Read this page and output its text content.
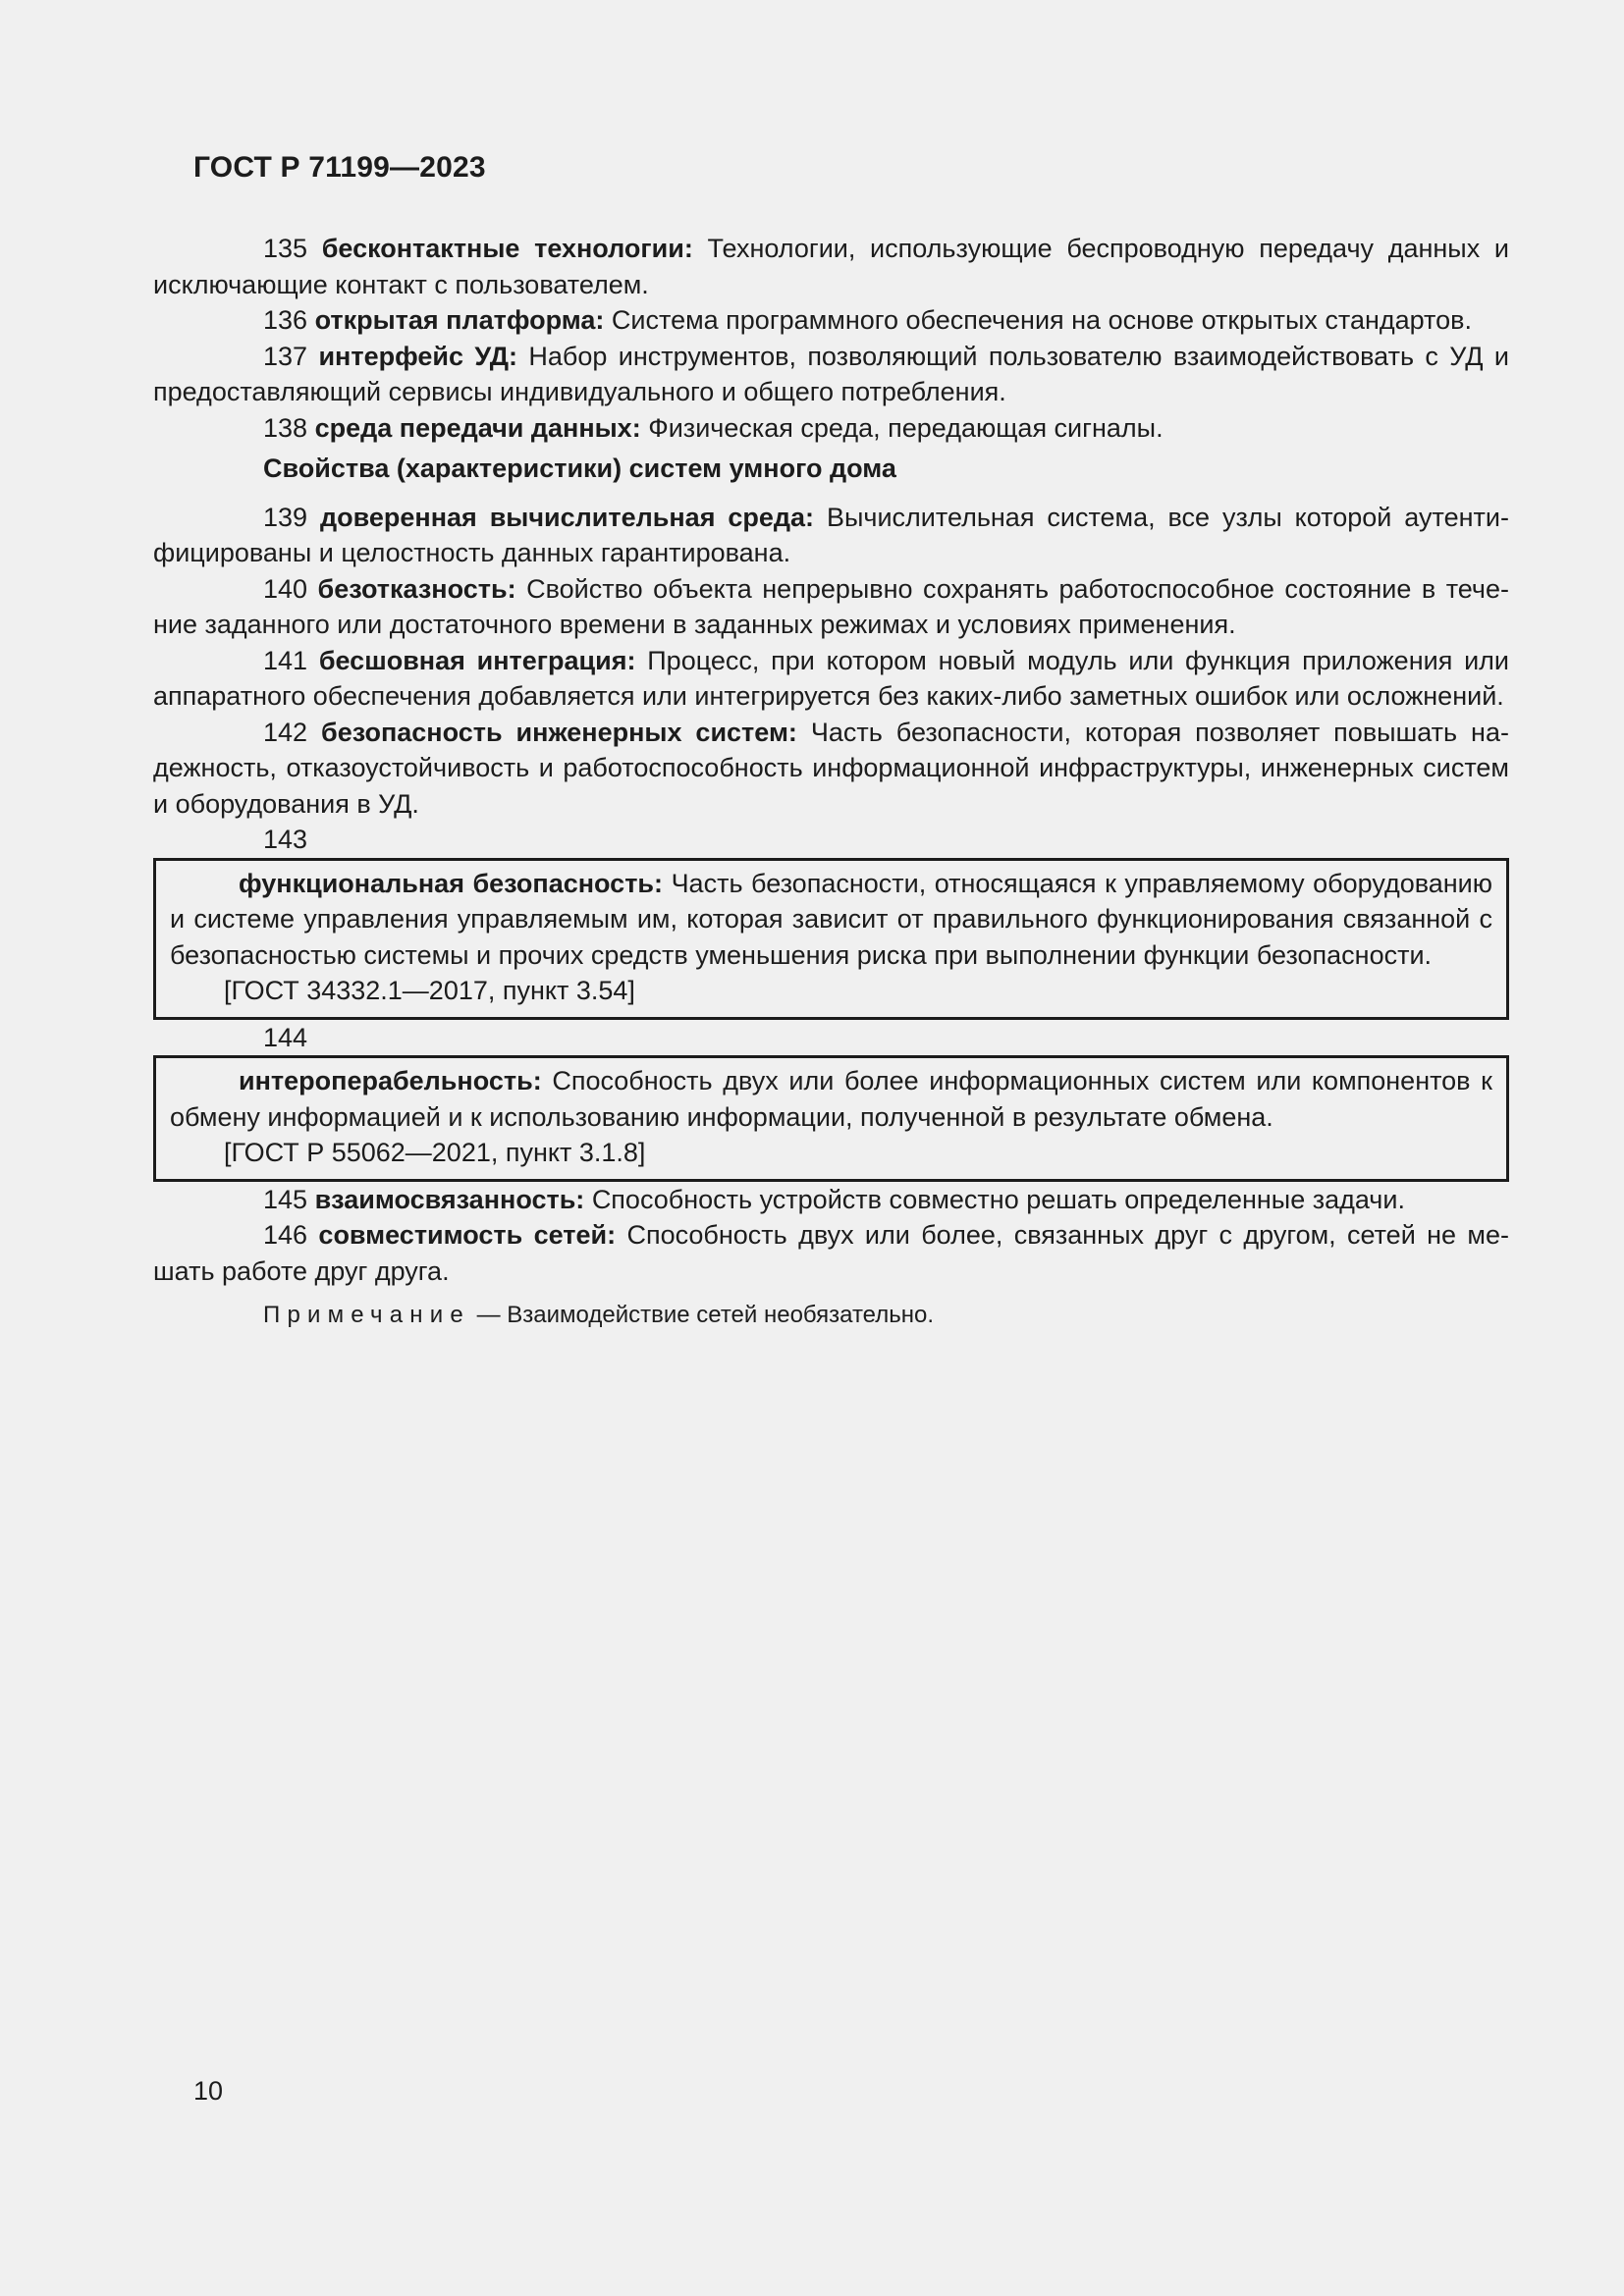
ГОСТ Р 71199—2023

135 бесконтактные технологии: Технологии, использующие беспроводную передачу данных и исключающие контакт с пользователем.

136 открытая платформа: Система программного обеспечения на основе открытых стандартов.

137 интерфейс УД: Набор инструментов, позволяющий пользователю взаимодействовать с УД и предоставляющий сервисы индивидуального и общего потребления.

138 среда передачи данных: Физическая среда, передающая сигналы.

Свойства (характеристики) систем умного дома

139 доверенная вычислительная среда: Вычислительная система, все узлы которой аутентифицированы и целостность данных гарантирована.

140 безотказность: Свойство объекта непрерывно сохранять работоспособное состояние в течение заданного или достаточного времени в заданных режимах и условиях применения.

141 бесшовная интеграция: Процесс, при котором новый модуль или функция приложения или аппаратного обеспечения добавляется или интегрируется без каких-либо заметных ошибок или осложнений.

142 безопасность инженерных систем: Часть безопасности, которая позволяет повышать надежность, отказоустойчивость и работоспособность информационной инфраструктуры, инженерных систем и оборудования в УД.

143

функциональная безопасность: Часть безопасности, относящаяся к управляемому оборудованию и системе управления управляемым им, которая зависит от правильного функционирования связанной с безопасностью системы и прочих средств уменьшения риска при выполнении функции безопасности.

[ГОСТ 34332.1—2017, пункт 3.54]

144

интероперабельность: Способность двух или более информационных систем или компонентов к обмену информацией и к использованию информации, полученной в результате обмена.

[ГОСТ Р 55062—2021, пункт 3.1.8]

145 взаимосвязанность: Способность устройств совместно решать определенные задачи.

146 совместимость сетей: Способность двух или более, связанных друг с другом, сетей не мешать работе друг друга.

Примечание — Взаимодействие сетей необязательно.

10
